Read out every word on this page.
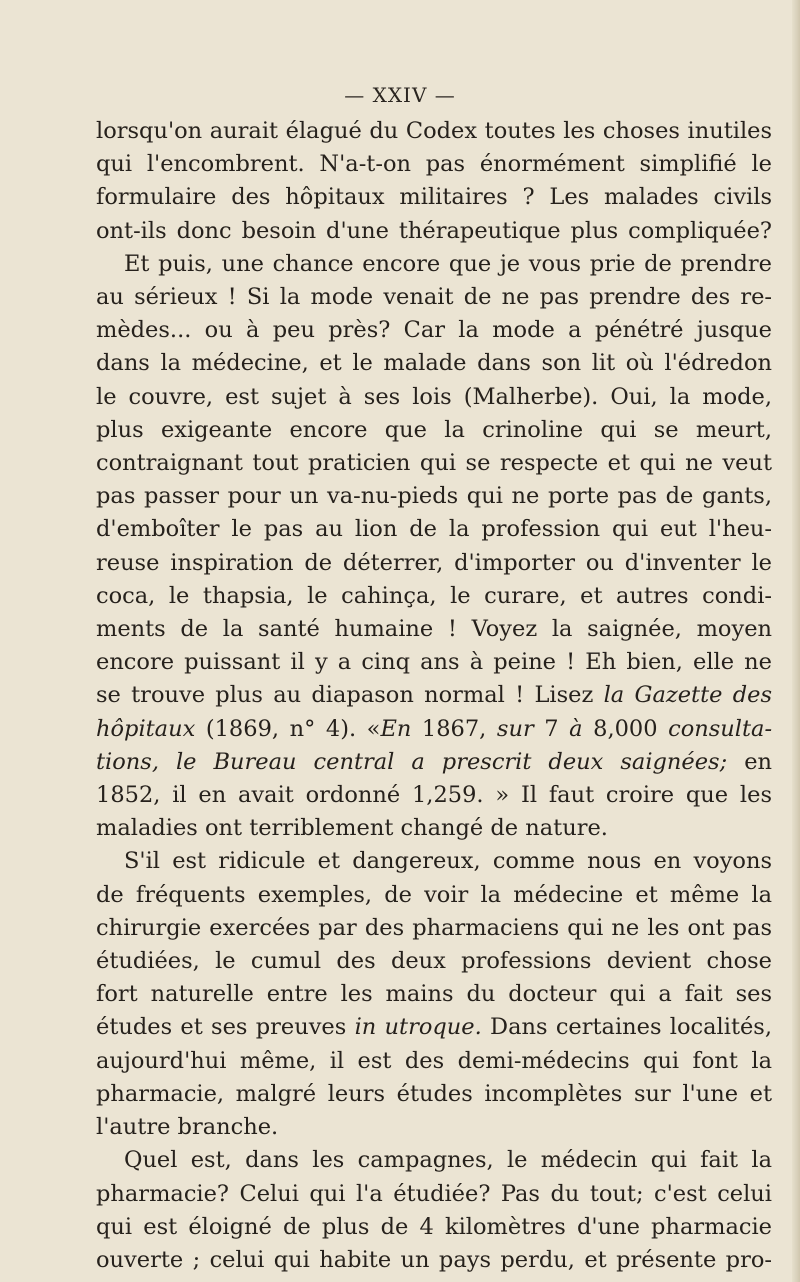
— XXIV —
lorsqu'on aurait élagué du Codex toutes les choses inutiles
qui l'encombrent. N'a-t-on pas énormément simplifié le
formulaire des hôpitaux militaires ? Les malades civils
ont-ils donc besoin d'une thérapeutique plus compliquée?
Et puis, une chance encore que je vous prie de prendre
au sérieux ! Si la mode venait de ne pas prendre des re-
mèdes... ou à peu près? Car la mode a pénétré jusque
dans la médecine, et le malade dans son lit où l'édredon
le couvre, est sujet à ses lois (Malherbe). Oui, la mode,
plus exigeante encore que la crinoline qui se meurt,
contraignant tout praticien qui se respecte et qui ne veut
pas passer pour un va-nu-pieds qui ne porte pas de gants,
d'emboîter le pas au lion de la profession qui eut l'heu-
reuse inspiration de déterrer, d'importer ou d'inventer le
coca, le thapsia, le cahinça, le curare, et autres condi-
ments de la santé humaine ! Voyez la saignée, moyen
encore puissant il y a cinq ans à peine ! Eh bien, elle ne
se trouve plus au diapason normal ! Lisez la Gazette des
hôpitaux (1869, n° 4). «En 1867, sur 7 à 8,000 consulta-
tions, le Bureau central a prescrit deux saignées; en
1852, il en avait ordonné 1,259. » Il faut croire que les
maladies ont terriblement changé de nature.
S'il est ridicule et dangereux, comme nous en voyons
de fréquents exemples, de voir la médecine et même la
chirurgie exercées par des pharmaciens qui ne les ont pas
étudiées, le cumul des deux professions devient chose
fort naturelle entre les mains du docteur qui a fait ses
études et ses preuves in utroque. Dans certaines localités,
aujourd'hui même, il est des demi-médecins qui font la
pharmacie, malgré leurs études incomplètes sur l'une et
l'autre branche.
Quel est, dans les campagnes, le médecin qui fait la
pharmacie? Celui qui l'a étudiée? Pas du tout; c'est celui
qui est éloigné de plus de 4 kilomètres d'une pharmacie
ouverte ; celui qui habite un pays perdu, et présente pro-
